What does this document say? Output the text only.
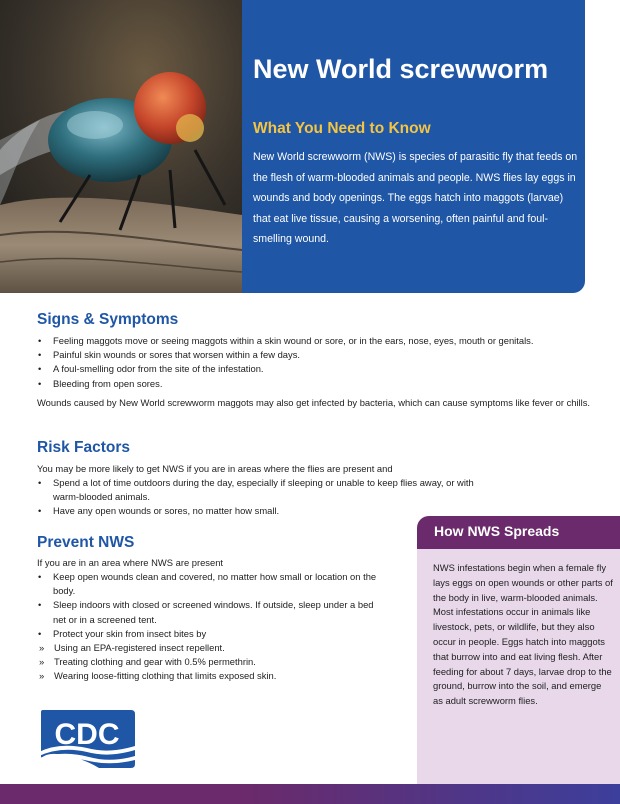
New World screwworm
What You Need to Know

New World screwworm (NWS) is species of parasitic fly that feeds on the flesh of warm-blooded animals and people. NWS flies lay eggs in wounds and body openings. The eggs hatch into maggots (larvae) that eat live tissue, causing a worsening, often painful and foul-smelling wound.

Signs & Symptoms
• Feeling maggots move or seeing maggots within a skin wound or sore, or in the ears, nose, eyes, mouth or genitals.
• Painful skin wounds or sores that worsen within a few days.
• A foul-smelling odor from the site of the infestation.
• Bleeding from open sores.

Wounds caused by New World screwworm maggots may also get infected by bacteria, which can cause symptoms like fever or chills.

Risk Factors

You may be more likely to get NWS if you are in areas where the flies are present and

• Spend a lot of time outdoors during the day, especially if sleeping or unable to keep flies away, or with warm-blooded animals.
• Have any open wounds or sores, no matter how small.
Prevent NWS

If you are in an area where NWS are present

• Keep open wounds clean and covered, no matter how small or location on the body.
• Sleep indoors with closed or screened windows. If outside, sleep under a bed net or in a screened tent.
• Protect your skin from insect bites by
» Using an EPA-registered insect repellent.
» Treating clothing and gear with 0.5% permethrin.
» Wearing loose-fitting clothing that limits exposed skin.
How NWS Spreads

NWS infestations begin when a female fly lays eggs on open wounds or other parts of the body in live, warm-blooded animals. Most infestations occur in animals like livestock, pets, or wildlife, but they also occur in people. Eggs hatch into maggots that burrow into and eat living flesh. After feeding for about 7 days, larvae drop to the ground, burrow into the soil, and emerge as adult screwworm flies.

CDC
